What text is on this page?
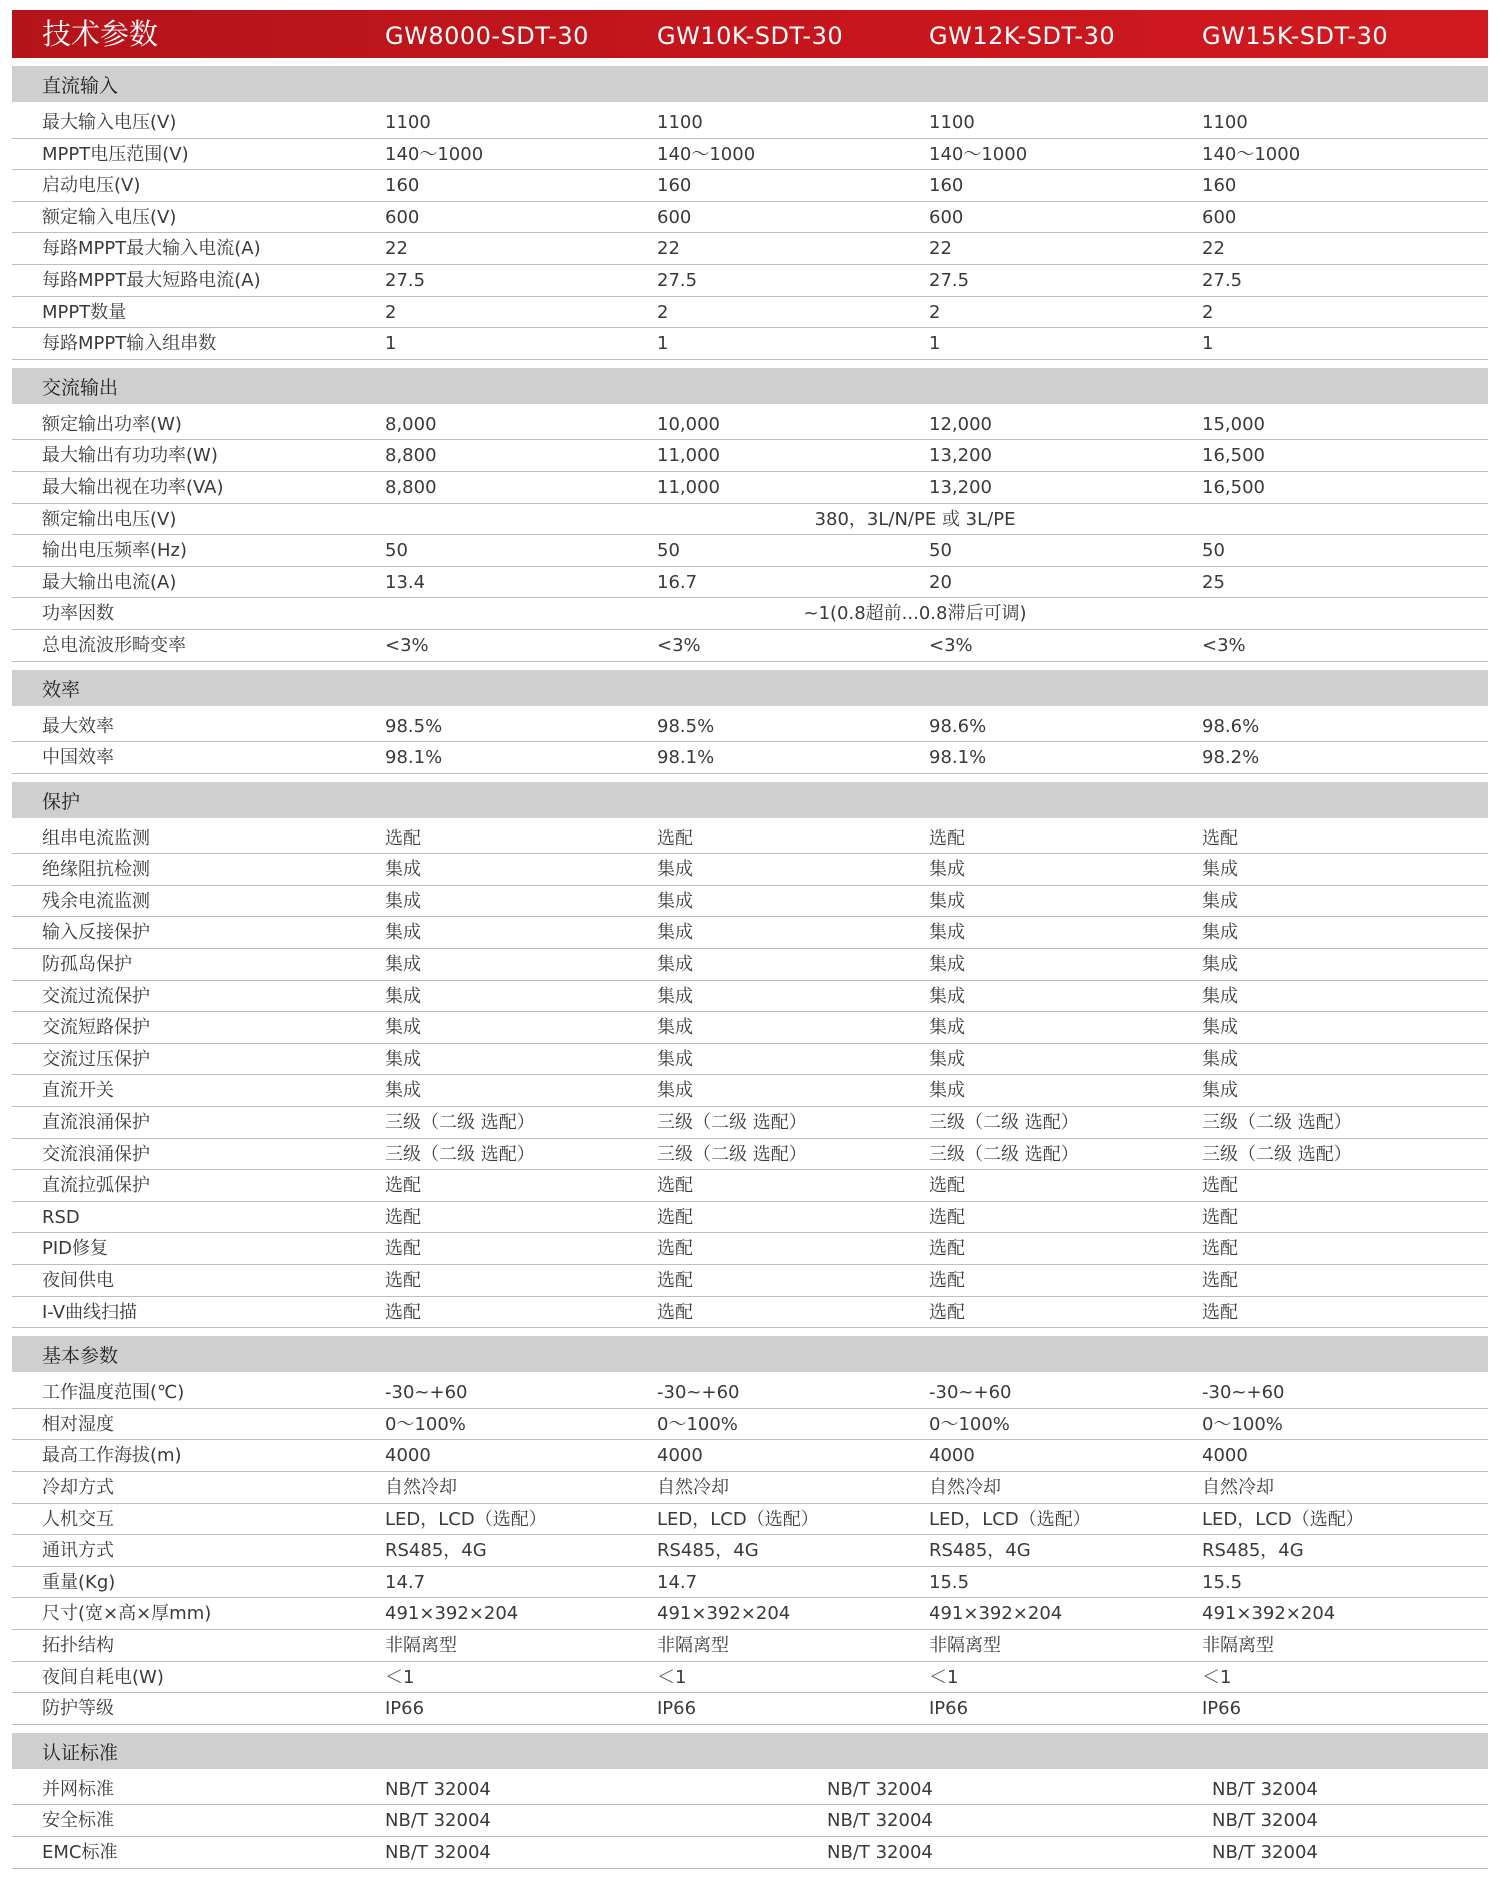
技术参数	GW8000-SDT-30	GW10K-SDT-30	GW12K-SDT-30	GW15K-SDT-30
直流输入
最大输入电压(V)	1100	1100	1100	1100
MPPT电压范围(V)	140～1000	140～1000	140～1000	140～1000
启动电压(V)	160	160	160	160
额定输入电压(V)	600	600	600	600
每路MPPT最大输入电流(A)	22	22	22	22
每路MPPT最大短路电流(A)	27.5	27.5	27.5	27.5
MPPT数量	2	2	2	2
每路MPPT输入组串数	1	1	1	1
交流输出
额定输出功率(W)	8,000	10,000	12,000	15,000
最大输出有功功率(W)	8,800	11,000	13,200	16,500
最大输出视在功率(VA)	8,800	11,000	13,200	16,500
额定输出电压(V)	380，3L/N/PE 或 3L/PE
输出电压频率(Hz)	50	50	50	50
最大输出电流(A)	13.4	16.7	20	25
功率因数	~1(0.8超前...0.8滞后可调)
总电流波形畸变率	<3%	<3%	<3%	<3%
效率
最大效率	98.5%	98.5%	98.6%	98.6%
中国效率	98.1%	98.1%	98.1%	98.2%
保护
组串电流监测	选配	选配	选配	选配
绝缘阻抗检测	集成	集成	集成	集成
残余电流监测	集成	集成	集成	集成
输入反接保护	集成	集成	集成	集成
防孤岛保护	集成	集成	集成	集成
交流过流保护	集成	集成	集成	集成
交流短路保护	集成	集成	集成	集成
交流过压保护	集成	集成	集成	集成
直流开关	集成	集成	集成	集成
直流浪涌保护	三级（二级 选配）	三级（二级 选配）	三级（二级 选配）	三级（二级 选配）
交流浪涌保护	三级（二级 选配）	三级（二级 选配）	三级（二级 选配）	三级（二级 选配）
直流拉弧保护	选配	选配	选配	选配
RSD	选配	选配	选配	选配
PID修复	选配	选配	选配	选配
夜间供电	选配	选配	选配	选配
I-V曲线扫描	选配	选配	选配	选配
基本参数
工作温度范围(℃)	-30~+60	-30~+60	-30~+60	-30~+60
相对湿度	0～100%	0～100%	0～100%	0～100%
最高工作海拔(m)	4000	4000	4000	4000
冷却方式	自然冷却	自然冷却	自然冷却	自然冷却
人机交互	LED，LCD（选配）	LED，LCD（选配）	LED，LCD（选配）	LED，LCD（选配）
通讯方式	RS485，4G	RS485，4G	RS485，4G	RS485，4G
重量(Kg)	14.7	14.7	15.5	15.5
尺寸(宽×高×厚mm)	491×392×204	491×392×204	491×392×204	491×392×204
拓扑结构	非隔离型	非隔离型	非隔离型	非隔离型
夜间自耗电(W)	＜1	＜1	＜1	＜1
防护等级	IP66	IP66	IP66	IP66
认证标准
并网标准	NB/T 32004	NB/T 32004	NB/T 32004
安全标准	NB/T 32004	NB/T 32004	NB/T 32004
EMC标准	NB/T 32004	NB/T 32004	NB/T 32004
